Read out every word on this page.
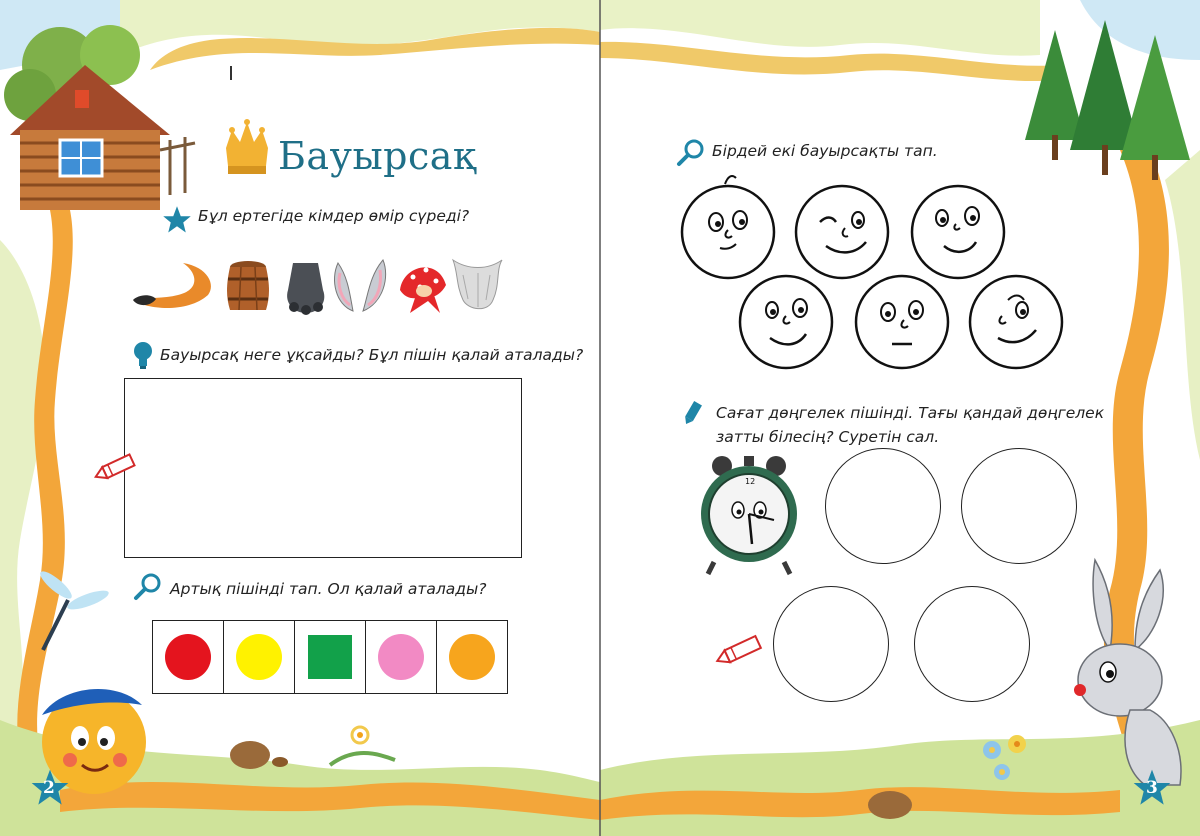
Бауырсақ
Бұл ертегіде кімдер өмір сүреді?
Бауырсақ неге ұқсайды? Бұл пішін қалай аталады?
Артық пішінді тап. Ол қалай аталады?
2
Бірдей екі бауырсақты тап.
Сағат дөңгелек пішінді. Тағы қандай дөңгелек
затты білесің? Суретін сал.
12
3
